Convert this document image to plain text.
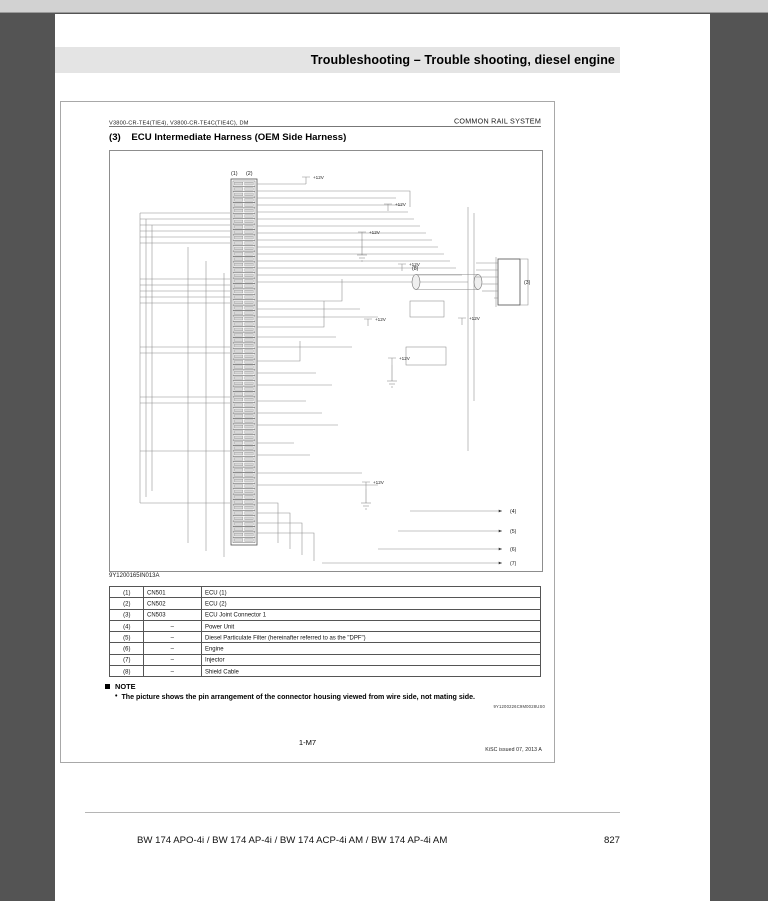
Troubleshooting – Trouble shooting, diesel engine
V3800-CR-TE4(TIE4), V3800-CR-TE4C(TIE4C), DM	COMMON RAIL SYSTEM
(3) ECU Intermediate Harness (OEM Side Harness)
(1) (2)
(8)
(3)
+12V
+12V
+12V
+12V
+12V
+12V
+12V
+12V
(4)
(5)
(6)
(7)
9Y1200165IN013A
(1)	CN501	ECU (1)
(2)	CN502	ECU (2)
(3)	CN503	ECU Joint Connector 1
(4)	–	Power Unit
(5)	–	Diesel Particulate Filter (hereinafter referred to as the "DPF")
(6)	–	Engine
(7)	–	Injector
(8)	–	Shield Cable
NOTE
• The picture shows the pin arrangement of the connector housing viewed from wire side, not mating side.
9Y1200226C9M0028US0
1-M7
KiSC issued 07, 2013 A
BW 174 APO-4i / BW 174 AP-4i / BW 174 ACP-4i AM / BW 174 AP-4i AM	827
